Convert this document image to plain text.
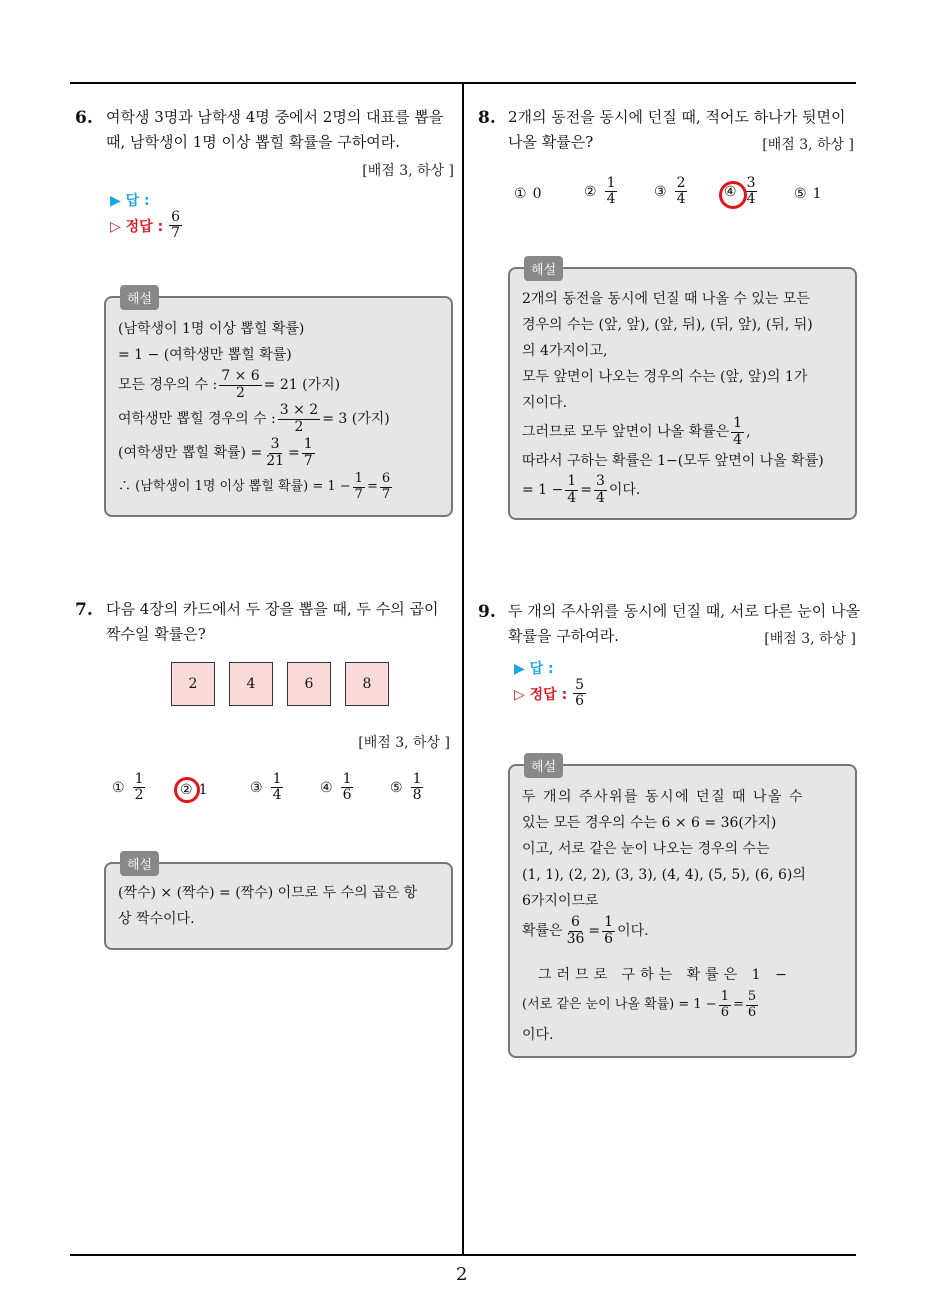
2
6. 여학생 3명과 남학생 4명 중에서 2명의 대표를 뽑을
때, 남학생이 1명 이상 뽑힐 확률을 구하여라.
[배점 3, 하상 ]
▶ 답 :
▷ 정답 : $\frac{6}{7}$
해설
(남학생이 1명 이상 뽑힐 확률)
= 1 − (여학생만 뽑힐 확률)
모든 경우의 수 : $\frac{7 \times 6}{2} = 21$ (가지)
여학생만 뽑힐 경우의 수 : $\frac{3 \times 2}{2} = 3$ (가지)
(여학생만 뽑힐 확률) = $\frac{3}{21} = \frac{1}{7}$
∴ (남학생이 1명 이상 뽑힐 확률) = $1 - \frac{1}{7} = \frac{6}{7}$
7. 다음 4장의 카드에서 두 장을 뽑을 때, 두 수의 곱이
짝수일 확률은?
2	4	6	8
[배점 3, 하상 ]
① $\frac{1}{2}$ ② 1	③ $\frac{1}{4}$	④ $\frac{1}{6}$	⑤ $\frac{1}{8}$
해설
(짝수) × (짝수) = (짝수) 이므로 두 수의 곱은 항
상 짝수이다.
8. 2개의 동전을 동시에 던질 때, 적어도 하나가 뒷면이
나올 확률은?	[배점 3, 하상 ]
① 0	② $\frac{1}{4}$	③ $\frac{2}{4}$	④ $\frac{3}{4}$	⑤ 1
해설
2개의 동전을 동시에 던질 때 나올 수 있는 모든
경우의 수는 (앞, 앞), (앞, 뒤), (뒤, 앞), (뒤, 뒤)
의 4가지이고,
모두 앞면이 나오는 경우의 수는 (앞, 앞)의 1가
지이다.
그러므로 모두 앞면이 나올 확률은 $\frac{1}{4}$ ,
따라서 구하는 확률은 1−(모두 앞면이 나올 확률)
= $1 - \frac{1}{4} = \frac{3}{4}$ 이다.
9. 두 개의 주사위를 동시에 던질 때, 서로 다른 눈이 나올
확률을 구하여라.	[배점 3, 하상 ]
▶ 답 :
▷ 정답 : $\frac{5}{6}$
해설
두 개의 주사위를 동시에 던질 때 나올 수
있는 모든 경우의 수는 6 × 6 = 36(가지)
이고, 서로 같은 눈이 나오는 경우의 수는
(1, 1), (2, 2), (3, 3), (4, 4), (5, 5), (6, 6)의
6가지이므로
확률은 $\frac{6}{36} = \frac{1}{6}$ 이다.
그러므로 구하는 확률은 1 −
(서로 같은 눈이 나올 확률) = $1 - \frac{1}{6} = \frac{5}{6}$
이다.
